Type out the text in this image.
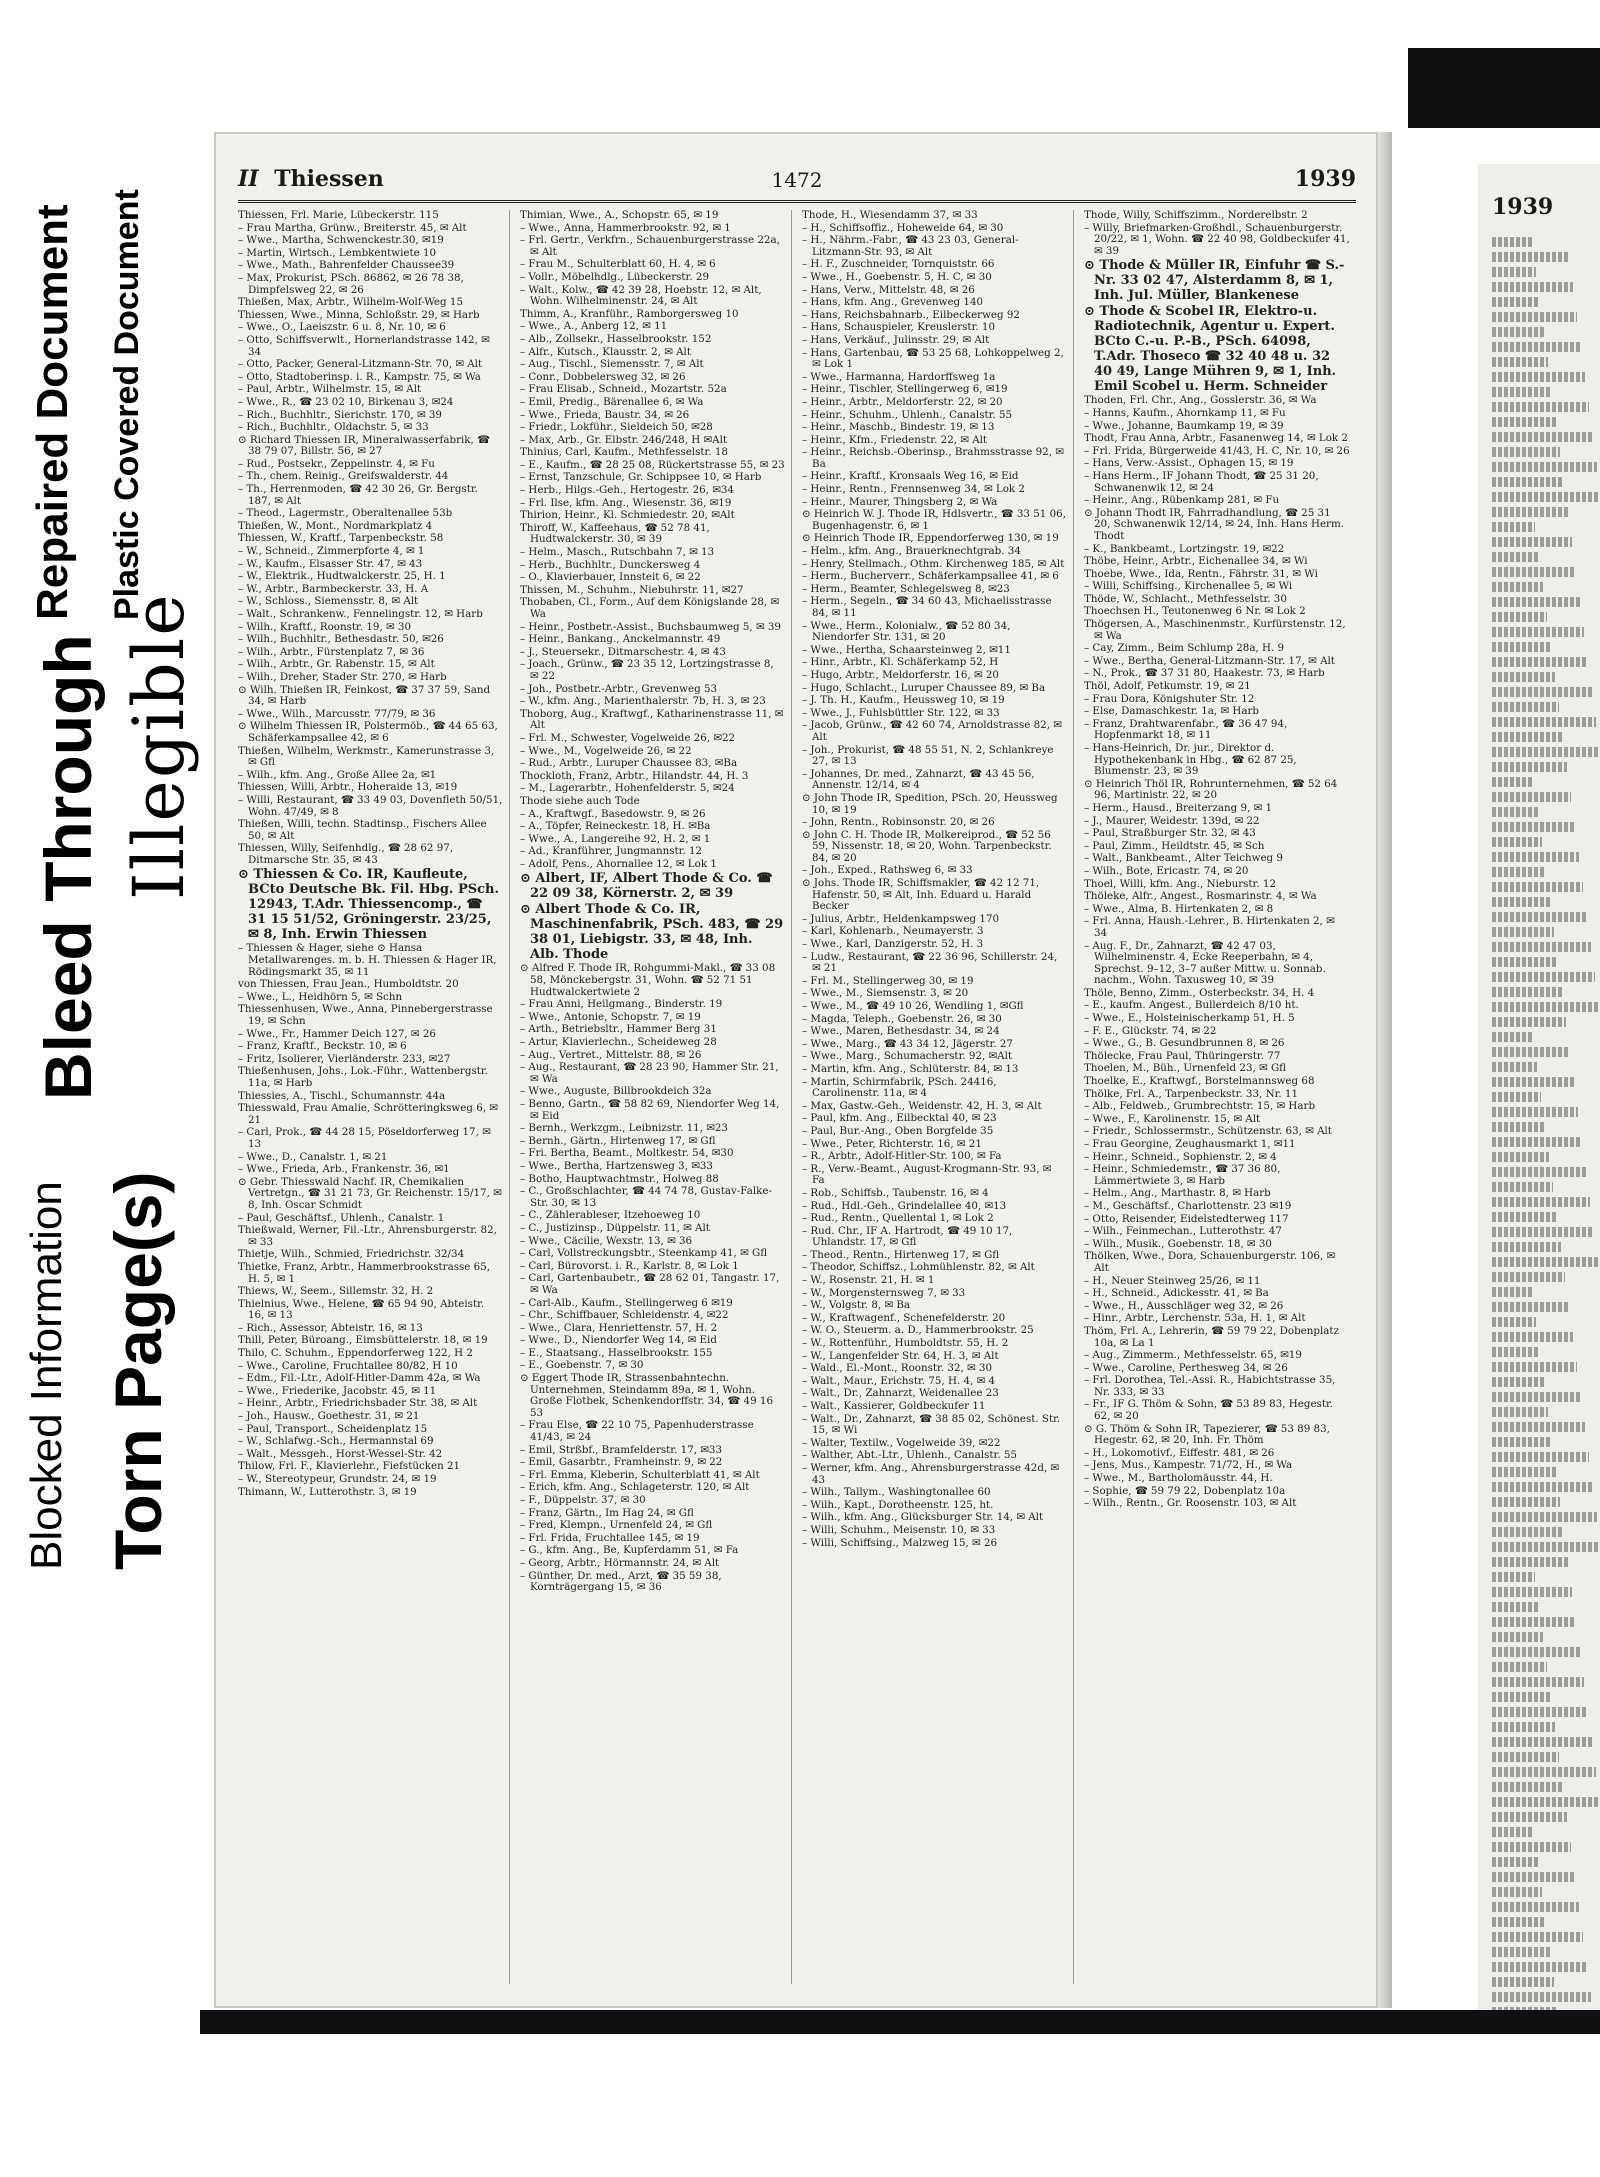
Blocked Information Torn Page(s)
Bleed Through Illegible
Repaired Document Plastic Covered Document
II Thiessen	1472	1939
Thiessen, Frl. Marie, Lübeckerstr. 115
– Frau Martha, Grünw., Breiterstr. 45, ✉ Alt
– Wwe., Martha, Schwenckestr.30, ✉19
– Martin, Wirtsch., Lembkentwiete 10
– Wwe., Math., Bahrenfelder Chaussee39
– Max, Prokurist, PSch. 86862, ✉ 26 78 38, Dimpfelsweg 22, ✉ 26
Thießen, Max, Arbtr., Wilhelm-Wolf-Weg 15
Thiessen, Wwe., Minna, Schloßstr. 29, ✉ Harb
– Wwe., O., Laeiszstr. 6 u. 8, Nr. 10, ✉ 6
– Otto, Schiffsverwlt., Hornerlandstrasse 142, ✉ 34
– Otto, Packer, General-Litzmann-Str. 70, ✉ Alt
– Otto, Stadtoberinsp. i. R., Kampstr. 75, ✉ Wa
– Paul, Arbtr., Wilhelmstr. 15, ✉ Alt
– Wwe., R., ☎ 23 02 10, Birkenau 3, ✉24
– Rich., Buchhltr., Sierichstr. 170, ✉ 39
– Rich., Buchhltr., Oldachstr. 5, ✉ 33
⊙ Richard Thiessen IR, Mineralwasserfabrik, ☎ 38 79 07, Billstr. 56, ✉ 27
– Rud., Postsekr., Zeppelinstr. 4, ✉ Fu
– Th., chem. Reinig., Greifswalderstr. 44
– Th., Herrenmoden, ☎ 42 30 26, Gr. Bergstr. 187, ✉ Alt
– Theod., Lagermstr., Oberaltenallee 53b
Thießen, W., Mont., Nordmarkplatz 4
Thiessen, W., Kraftf., Tarpenbeckstr. 58
– W., Schneid., Zimmerpforte 4, ✉ 1
– W., Kaufm., Elsasser Str. 47, ✉ 43
– W., Elektrik., Hudtwalckerstr. 25, H. 1
– W., Arbtr., Barmbeckerstr. 33, H. A
– W., Schloss., Siemensstr. 8, ✉ Alt
– Walt., Schrankenw., Fennelingstr. 12, ✉ Harb
– Wilh., Kraftf., Roonstr. 19, ✉ 30
– Wilh., Buchhltr., Bethesdastr. 50, ✉26
– Wilh., Arbtr., Fürstenplatz 7, ✉ 36
– Wilh., Arbtr., Gr. Rabenstr. 15, ✉ Alt
– Wilh., Dreher, Stader Str. 270, ✉ Harb
⊙ Wilh. Thießen IR, Feinkost, ☎ 37 37 59, Sand 34, ✉ Harb
– Wwe., Wilh., Marcusstr. 77/79, ✉ 36
⊙ Wilhelm Thiessen IR, Polstermöb., ☎ 44 65 63, Schäferkampsallee 42, ✉ 6
Thießen, Wilhelm, Werkmstr., Kamerunstrasse 3, ✉ Gfl
– Wilh., kfm. Ang., Große Allee 2a, ✉1
Thiessen, Willi, Arbtr., Hoheraide 13, ✉19
– Willi, Restaurant, ☎ 33 49 03, Dovenfleth 50/51, Wohn. 47/49, ✉ 8
Thießen, Willi, techn. Stadtinsp., Fischers Allee 50, ✉ Alt
Thiessen, Willy, Seifenhdlg., ☎ 28 62 97, Ditmarsche Str. 35, ✉ 43
⊙ Thiessen & Co. IR, Kaufleute, BCto Deutsche Bk. Fil. Hbg. PSch. 12943, T.Adr. Thiessencomp., ☎ 31 15 51/52, Gröningerstr. 23/25, ✉ 8, Inh. Erwin Thiessen
– Thiessen & Hager, siehe ⊙ Hansa Metallwarenges. m. b. H. Thiessen & Hager IR, Rödingsmarkt 35, ✉ 11
von Thiessen, Frau Jean., Humboldtstr. 20
– Wwe., L., Heidhörn 5, ✉ Schn
Thiessenhusen, Wwe., Anna, Pinnebergerstrasse 19, ✉ Schn
– Wwe., Fr., Hammer Deich 127, ✉ 26
– Franz, Kraftf., Beckstr. 10, ✉ 6
– Fritz, Isolierer, Vierländerstr. 233, ✉27
Thießenhusen, Johs., Lok.-Führ., Wattenbergstr. 11a, ✉ Harb
Thiessies, A., Tischl., Schumannstr. 44a
Thiesswald, Frau Amalie, Schrötteringksweg 6, ✉ 21
– Carl, Prok., ☎ 44 28 15, Pöseldorferweg 17, ✉ 13
– Wwe., D., Canalstr. 1, ✉ 21
– Wwe., Frieda, Arb., Frankenstr. 36, ✉1
⊙ Gebr. Thiesswald Nachf. IR, Chemikalien Vertretgn., ☎ 31 21 73, Gr. Reichenstr. 15/17, ✉ 8, Inh. Oscar Schmidt
– Paul, Geschäftsf., Uhlenh., Canalstr. 1
Thießwald, Werner, Fil.-Ltr., Ahrensburgerstr. 82, ✉ 33
Thietje, Wilh., Schmied, Friedrichstr. 32/34
Thietke, Franz, Arbtr., Hammerbrookstrasse 65, H. 5, ✉ 1
Thiews, W., Seem., Sillemstr. 32, H. 2
Thielnius, Wwe., Helene, ☎ 65 94 90, Abteistr. 16, ✉ 13
– Rich., Assessor, Abteistr. 16, ✉ 13
Thill, Peter, Büroang., Eimsbüttelerstr. 18, ✉ 19
Thilo, C. Schuhm., Eppendorferweg 122, H 2
– Wwe., Caroline, Fruchtallee 80/82, H 10
– Edm., Fil.-Ltr., Adolf-Hitler-Damm 42a, ✉ Wa
– Wwe., Friederike, Jacobstr. 45, ✉ 11
– Heinr., Arbtr., Friedrichsbader Str. 38, ✉ Alt
– Joh., Hausw., Goethestr. 31, ✉ 21
– Paul, Transport., Scheidenplatz 15
– W., Schlafwg.-Sch., Hermannstal 69
– Walt., Messgeh., Horst-Wessel-Str. 42
Thilow, Frl. F., Klavierlehr., Fiefstücken 21
– W., Stereotypeur, Grundstr. 24, ✉ 19
Thimann, W., Lutterothstr. 3, ✉ 19
Thimian, Wwe., A., Schopstr. 65, ✉ 19
– Wwe., Anna, Hammerbrookstr. 92, ✉ 1
– Frl. Gertr., Verkfrn., Schauenburgerstrasse 22a, ✉ Alt
– Frau M., Schulterblatt 60, H. 4, ✉ 6
– Vollr., Möbelhdlg., Lübeckerstr. 29
– Walt., Kolw., ☎ 42 39 28, Hoebstr. 12, ✉ Alt, Wohn. Wilhelminenstr. 24, ✉ Alt
Thimm, A., Kranführ., Ramborgersweg 10
– Wwe., A., Anberg 12, ✉ 11
– Alb., Zollsekr., Hasselbrookstr. 152
– Alfr., Kutsch., Klausstr. 2, ✉ Alt
– Aug., Tischl., Siemensstr. 7, ✉ Alt
– Conr., Dobbelersweg 32, ✉ 26
– Frau Elisab., Schneid., Mozartstr. 52a
– Emil, Predig., Bärenallee 6, ✉ Wa
– Wwe., Frieda, Baustr. 34, ✉ 26
– Friedr., Lokführ., Sieldeich 50, ✉28
– Max, Arb., Gr. Elbstr. 246/248, H ✉Alt
Thinius, Carl, Kaufm., Methfesselstr. 18
– E., Kaufm., ☎ 28 25 08, Rückertstrasse 55, ✉ 23
– Ernst, Tanzschule, Gr. Schippsee 10, ✉ Harb
– Herb., Hilgs.-Geh., Hertogestr. 26, ✉34
– Frl. Ilse, kfm. Ang., Wiesenstr. 36, ✉19
Thirion, Heinr., Kl. Schmiedestr. 20, ✉Alt
Thiroff, W., Kaffeehaus, ☎ 52 78 41, Hudtwalckerstr. 30, ✉ 39
– Helm., Masch., Rutschbahn 7, ✉ 13
– Herb., Buchhltr., Dunckersweg 4
– O., Klavierbauer, Innsteit 6, ✉ 22
Thissen, M., Schuhm., Niebuhrstr. 11, ✉27
Thobaben, Cl., Form., Auf dem Königslande 28, ✉ Wa
– Heinr., Postbetr.-Assist., Buchsbaumweg 5, ✉ 39
– Heinr., Bankang., Anckelmannstr. 49
– J., Steuersekr., Ditmarschestr. 4, ✉ 43
– Joach., Grünw., ☎ 23 35 12, Lortzingstrasse 8, ✉ 22
– Joh., Postbetr.-Arbtr., Grevenweg 53
– W., kfm. Ang., Marienthalerstr. 7b, H. 3, ✉ 23
Thoborg, Aug., Kraftwgf., Katharinenstrasse 11, ✉ Alt
– Frl. M., Schwester, Vogelweide 26, ✉22
– Wwe., M., Vogelweide 26, ✉ 22
– Rud., Arbtr., Luruper Chaussee 83, ✉Ba
Thockloth, Franz, Arbtr., Hilandstr. 44, H. 3
– M., Lagerarbtr., Hohenfelderstr. 5, ✉24
Thode siehe auch Tode
– A., Kraftwgf., Basedowstr. 9, ✉ 26
– A., Töpfer, Reineckestr. 18, H. ✉Ba
– Wwe., A., Langereihe 92, H. 2, ✉ 1
– Ad., Kranführer, Jungmannstr. 12
– Adolf, Pens., Ahornallee 12, ✉ Lok 1
⊙ Albert, IF, Albert Thode & Co. ☎ 22 09 38, Körnerstr. 2, ✉ 39
⊙ Albert Thode & Co. IR, Maschinenfabrik, PSch. 483, ☎ 29 38 01, Liebigstr. 33, ✉ 48, Inh. Alb. Thode
⊙ Alfred F. Thode IR, Rohgummi-Makl., ☎ 33 08 58, Mönckebergstr. 31, Wohn. ☎ 52 71 51 Hudtwalckertwiete 2
– Frau Anni, Heilgmang., Binderstr. 19
– Wwe., Antonie, Schopstr. 7, ✉ 19
– Arth., Betriebsltr., Hammer Berg 31
– Artur, Klavierlechn., Scheideweg 28
– Aug., Vertret., Mittelstr. 88, ✉ 26
– Aug., Restaurant, ☎ 28 23 90, Hammer Str. 21, ✉ Wa
– Wwe., Auguste, Billbrookdeich 32a
– Benno, Gartn., ☎ 58 82 69, Niendorfer Weg 14, ✉ Eid
– Bernh., Werkzgm., Leibnizstr. 11, ✉23
– Bernh., Gärtn., Hirtenweg 17, ✉ Gfl
– Fri. Bertha, Beamt., Moltkestr. 54, ✉30
– Wwe., Bertha, Hartzensweg 3, ✉33
– Botho, Hauptwachtmstr., Holweg 88
– C., Großschlachter, ☎ 44 74 78, Gustav-Falke-Str. 30, ✉ 13
– C., Zählerableser, Itzehoeweg 10
– C., Justizinsp., Düppelstr. 11, ✉ Alt
– Wwe., Cäcilie, Wexstr. 13, ✉ 36
– Carl, Vollstreckungsbtr., Steenkamp 41, ✉ Gfl
– Carl, Bürovorst. i. R., Karlstr. 8, ✉ Lok 1
– Carl, Gartenbaubetr., ☎ 28 62 01, Tangastr. 17, ✉ Wa
– Carl-Alb., Kaufm., Stellingerweg 6 ✉19
– Chr., Schiffbauer, Schleidenstr. 4, ✉22
– Wwe., Clara, Henriettenstr. 57, H. 2
– Wwe., D., Niendorfer Weg 14, ✉ Eid
– E., Staatsang., Hasselbrookstr. 155
– E., Goebenstr. 7, ✉ 30
⊙ Eggert Thode IR, Strassenbahntechn. Unternehmen, Steindamm 89a, ✉ 1, Wohn. Große Flotbek, Schenkendorffstr. 34, ☎ 49 16 53
– Frau Else, ☎ 22 10 75, Papenhuderstrasse 41/43, ✉ 24
– Emil, Strßbf., Bramfelderstr. 17, ✉33
– Emil, Gasarbtr., Framheinstr. 9, ✉ 22
– Frl. Emma, Kleberin, Schulterblatt 41, ✉ Alt
– Erich, kfm. Ang., Schlageterstr. 120, ✉ Alt
– F., Düppelstr. 37, ✉ 30
– Franz, Gärtn., Im Hag 24, ✉ Gfl
– Fred, Klempn., Urnenfeld 24, ✉ Gfl
– Frl. Frida, Fruchtallee 145, ✉ 19
– G., kfm. Ang., Be, Kupferdamm 51, ✉ Fa
– Georg, Arbtr., Hörmannstr. 24, ✉ Alt
– Günther, Dr. med., Arzt, ☎ 35 59 38, Kornträgergang 15, ✉ 36
Thode, H., Wiesendamm 37, ✉ 33
– H., Schiffsoffiz., Hoheweide 64, ✉ 30
– H., Nährm.-Fabr., ☎ 43 23 03, General-Litzmann-Str. 93, ✉ Alt
– H. F., Zuschneider, Tornquiststr. 66
– Wwe., H., Goebenstr. 5, H. C, ✉ 30
– Hans, Verw., Mittelstr. 48, ✉ 26
– Hans, kfm. Ang., Grevenweg 140
– Hans, Reichsbahnarb., Eilbeckerweg 92
– Hans, Schauspieler, Kreuslerstr. 10
– Hans, Verkäuf., Julinsstr. 29, ✉ Alt
– Hans, Gartenbau, ☎ 53 25 68, Lohkoppelweg 2, ✉ Lok 1
– Wwe., Harmanna, Hardorffsweg 1a
– Heinr., Tischler, Stellingerweg 6, ✉19
– Heinr., Arbtr., Meldorferstr. 22, ✉ 20
– Heinr., Schuhm., Uhlenh., Canalstr. 55
– Heinr., Maschb., Bindestr. 19, ✉ 13
– Heinr., Kfm., Friedenstr. 22, ✉ Alt
– Heinr., Reichsb.-Oberinsp., Brahmsstrasse 92, ✉ Ba
– Heinr., Kraftf., Kronsaals Weg 16, ✉ Eid
– Heinr., Rentn., Frennsenweg 34, ✉ Lok 2
– Heinr., Maurer, Thingsberg 2, ✉ Wa
⊙ Heinrich W. J. Thode IR, Hdlsvertr., ☎ 33 51 06, Bugenhagenstr. 6, ✉ 1
⊙ Heinrich Thode IR, Eppendorferweg 130, ✉ 19
– Helm., kfm. Ang., Brauerknechtgrab. 34
– Henry, Stellmach., Othm. Kirchenweg 185, ✉ Alt
– Herm., Bucherverr., Schäferkampsallee 41, ✉ 6
– Herm., Beamter, Schlegelsweg 8, ✉23
– Herm., Segeln., ☎ 34 60 43, Michaelisstrasse 84, ✉ 11
– Wwe., Herm., Kolonialw., ☎ 52 80 34, Niendorfer Str. 131, ✉ 20
– Wwe., Hertha, Schaarsteinweg 2, ✉11
– Hinr., Arbtr., Kl. Schäferkamp 52, H
– Hugo, Arbtr., Meldorferstr. 16, ✉ 20
– Hugo, Schlacht., Luruper Chaussee 89, ✉ Ba
– J. Th. H., Kaufm., Heussweg 10, ✉ 19
– Wwe., J., Fuhlsbüttler Str. 122, ✉ 33
– Jacob, Grünw., ☎ 42 60 74, Arnoldstrasse 82, ✉ Alt
– Joh., Prokurist, ☎ 48 55 51, N. 2, Schlankreye 27, ✉ 13
– Johannes, Dr. med., Zahnarzt, ☎ 43 45 56, Annenstr. 12/14, ✉ 4
⊙ John Thode IR, Spedition, PSch. 20, Heussweg 10, ✉ 19
– John, Rentn., Robinsonstr. 20, ✉ 26
⊙ John C. H. Thode IR, Molkereiprod., ☎ 52 56 59, Nissenstr. 18, ✉ 20, Wohn. Tarpenbeckstr. 84, ✉ 20
– Joh., Exped., Rathsweg 6, ✉ 33
⊙ Johs. Thode IR, Schiffsmakler, ☎ 42 12 71, Hafenstr. 50, ✉ Alt, Inh. Eduard u. Harald Becker
– Julius, Arbtr., Heldenkampsweg 170
– Karl, Kohlenarb., Neumayerstr. 3
– Wwe., Karl, Danzigerstr. 52, H. 3
– Ludw., Restaurant, ☎ 22 36 96, Schillerstr. 24, ✉ 21
– Frl. M., Stellingerweg 30, ✉ 19
– Wwe., M., Siemsenstr. 3, ✉ 20
– Wwe., M., ☎ 49 10 26, Wendling 1, ✉Gfl
– Magda, Teleph., Goebenstr. 26, ✉ 30
– Wwe., Maren, Bethesdastr. 34, ✉ 24
– Wwe., Marg., ☎ 43 34 12, Jägerstr. 27
– Wwe., Marg., Schumacherstr. 92, ✉Alt
– Martin, kfm. Ang., Schlüterstr. 84, ✉ 13
– Martin, Schirmfabrik, PSch. 24416, Carolinenstr. 11a, ✉ 4
– Max, Gastw.-Geh., Weidenstr. 42, H. 3, ✉ Alt
– Paul, kfm. Ang., Eilbecktal 40, ✉ 23
– Paul, Bur.-Ang., Oben Borgfelde 35
– Wwe., Peter, Richterstr. 16, ✉ 21
– R., Arbtr., Adolf-Hitler-Str. 100, ✉ Fa
– R., Verw.-Beamt., August-Krogmann-Str. 93, ✉ Fa
– Rob., Schiffsb., Taubenstr. 16, ✉ 4
– Rud., Hdl.-Geh., Grindelallee 40, ✉13
– Rud., Rentn., Quellental 1, ✉ Lok 2
– Rud. Chr., IF A. Hartrodt, ☎ 49 10 17, Uhlandstr. 17, ✉ Gfl
– Theod., Rentn., Hirtenweg 17, ✉ Gfl
– Theodor, Schiffsz., Lohmühlenstr. 82, ✉ Alt
– W., Rosenstr. 21, H. ✉ 1
– W., Morgensternsweg 7, ✉ 33
– W., Volgstr. 8, ✉ Ba
– W., Kraftwagenf., Schenefelderstr. 20
– W. O., Steuerm. a. D., Hammerbrookstr. 25
– W., Rottenführ., Humboldtstr. 55, H. 2
– W., Langenfelder Str. 64, H. 3, ✉ Alt
– Wald., El.-Mont., Roonstr. 32, ✉ 30
– Walt., Maur., Erichstr. 75, H. 4, ✉ 4
– Walt., Dr., Zahnarzt, Weidenallee 23
– Walt., Kassierer, Goldbeckufer 11
– Walt., Dr., Zahnarzt, ☎ 38 85 02, Schönest. Str. 15, ✉ Wi
– Walter, Textilw., Vogelweide 39, ✉22
– Walther, Abt.-Ltr., Uhlenh., Canalstr. 55
– Werner, kfm. Ang., Ahrensburgerstrasse 42d, ✉ 43
– Wilh., Tallym., Washingtonallee 60
– Wilh., Kapt., Dorotheenstr. 125, ht.
– Wilh., kfm. Ang., Glücksburger Str. 14, ✉ Alt
– Willi, Schuhm., Meisenstr. 10, ✉ 33
– Willi, Schiffsing., Malzweg 15, ✉ 26
Thode, Willy, Schiffszimm., Norderelbstr. 2
– Willy, Briefmarken-Großhdl., Schauenburgerstr. 20/22, ✉ 1, Wohn. ☎ 22 40 98, Goldbeckufer 41, ✉ 39
⊙ Thode & Müller IR, Einfuhr ☎ S.-Nr. 33 02 47, Alsterdamm 8, ✉ 1, Inh. Jul. Müller, Blankenese
⊙ Thode & Scobel IR, Elektro-u. Radiotechnik, Agentur u. Expert. BCto C.-u. P.-B., PSch. 64098, T.Adr. Thoseco ☎ 32 40 48 u. 32 40 49, Lange Mühren 9, ✉ 1, Inh. Emil Scobel u. Herm. Schneider
Thoden, Frl. Chr., Ang., Gosslerstr. 36, ✉ Wa
– Hanns, Kaufm., Ahornkamp 11, ✉ Fu
– Wwe., Johanne, Baumkamp 19, ✉ 39
Thodt, Frau Anna, Arbtr., Fasanenweg 14, ✉ Lok 2
– Frl. Frida, Bürgerweide 41/43, H. C, Nr. 10, ✉ 26
– Hans, Verw.-Assist., Ophagen 15, ✉ 19
– Hans Herm., IF Johann Thodt, ☎ 25 31 20, Schwanenwik 12, ✉ 24
– Heinr., Ang., Rübenkamp 281, ✉ Fu
⊙ Johann Thodt IR, Fahrradhandlung, ☎ 25 31 20, Schwanenwik 12/14, ✉ 24, Inh. Hans Herm. Thodt
– K., Bankbeamt., Lortzingstr. 19, ✉22
Thöbe, Heinr., Arbtr., Eichenallee 34, ✉ Wi
Thoebe, Wwe., Ida, Rentn., Fährstr. 31, ✉ Wi
– Willi, Schiffsing., Kirchenallee 5, ✉ Wi
Thöde, W., Schlacht., Methfesselstr. 30
Thoechsen H., Teutonenweg 6 Nr. ✉ Lok 2
Thögersen, A., Maschinenmstr., Kurfürstenstr. 12, ✉ Wa
– Cay, Zimm., Beim Schlump 28a, H. 9
– Wwe., Bertha, General-Litzmann-Str. 17, ✉ Alt
– N., Prok., ☎ 37 31 80, Haakestr. 73, ✉ Harb
Thöl, Adolf, Petkumstr. 19, ✉ 21
– Frau Dora, Königshuter Str. 12
– Else, Damaschkestr. 1a, ✉ Harb
– Franz, Drahtwarenfabr., ☎ 36 47 94, Hopfenmarkt 18, ✉ 11
– Hans-Heinrich, Dr. jur., Direktor d. Hypothekenbank in Hbg., ☎ 62 87 25, Blumenstr. 23, ✉ 39
⊙ Heinrich Thöl IR, Rohrunternehmen, ☎ 52 64 96, Martinistr. 22, ✉ 20
– Herm., Hausd., Breiterzang 9, ✉ 1
– J., Maurer, Weidestr. 139d, ✉ 22
– Paul, Straßburger Str. 32, ✉ 43
– Paul, Zimm., Heildtstr. 45, ✉ Sch
– Walt., Bankbeamt., Alter Teichweg 9
– Wilh., Bote, Ericastr. 74, ✉ 20
Thoel, Willi, kfm. Ang., Nieburstr. 12
Thöleke, Alfr., Angest., Rosmarinstr. 4, ✉ Wa
– Wwe., Alma, B. Hirtenkaten 2, ✉ 8
– Frl. Anna, Haush.-Lehrer., B. Hirtenkaten 2, ✉ 34
– Aug. F., Dr., Zahnarzt, ☎ 42 47 03, Wilhelminenstr. 4, Ecke Reeperbahn, ✉ 4, Sprechst. 9–12, 3–7 außer Mittw. u. Sonnab. nachm., Wohn. Taxusweg 10, ✉ 39
Thöle, Benno, Zimm., Osterbeckstr. 34, H. 4
– E., kaufm. Angest., Bullerdeich 8/10 ht.
– Wwe., E., Holsteinischerkamp 51, H. 5
– F. E., Glückstr. 74, ✉ 22
– Wwe., G., B. Gesundbrunnen 8, ✉ 26
Thölecke, Frau Paul, Thüringerstr. 77
Thoelen, M., Büh., Urnenfeld 23, ✉ Gfl
Thoelke, E., Kraftwgf., Borstelmannsweg 68
Thölke, Frl. A., Tarpenbeckstr. 33, Nr. 11
– Alb., Feldweb., Grumbrechtstr. 15, ✉ Harb
– Wwe., F., Karolinenstr. 15, ✉ Alt
– Friedr., Schlossermstr., Schützenstr. 63, ✉ Alt
– Frau Georgine, Zeughausmarkt 1, ✉11
– Heinr., Schneid., Sophienstr. 2, ✉ 4
– Heinr., Schmiedemstr., ☎ 37 36 80, Lämmertwiete 3, ✉ Harb
– Helm., Ang., Marthastr. 8, ✉ Harb
– M., Geschäftsf., Charlottenstr. 23 ✉19
– Otto, Reisender, Eidelstedterweg 117
– Wilh., Feinmechan., Lutterothstr. 47
– Wilh., Musik., Goebenstr. 18, ✉ 30
Thölken, Wwe., Dora, Schauenburgerstr. 106, ✉ Alt
– H., Neuer Steinweg 25/26, ✉ 11
– H., Schneid., Adickesstr. 41, ✉ Ba
– Wwe., H., Ausschläger weg 32, ✉ 26
– Hinr., Arbtr., Lerchenstr. 53a, H. 1, ✉ Alt
Thöm, Frl. A., Lehrerin, ☎ 59 79 22, Dobenplatz 10a, ✉ La 1
– Aug., Zimmerm., Methfesselstr. 65, ✉19
– Wwe., Caroline, Perthesweg 34, ✉ 26
– Frl. Dorothea, Tel.-Assi. R., Habichtstrasse 35, Nr. 333, ✉ 33
– Fr., IF G. Thöm & Sohn, ☎ 53 89 83, Hegestr. 62, ✉ 20
⊙ G. Thöm & Sohn IR, Tapezierer, ☎ 53 89 83, Hegestr. 62, ✉ 20, Inh. Fr. Thöm
– H., Lokomotivf., Eiffestr. 481, ✉ 26
– Jens, Mus., Kampestr. 71/72, H., ✉ Wa
– Wwe., M., Bartholomäusstr. 44, H.
– Sophie, ☎ 59 79 22, Dobenplatz 10a
– Wilh., Rentn., Gr. Roosenstr. 103, ✉ Alt
1939
